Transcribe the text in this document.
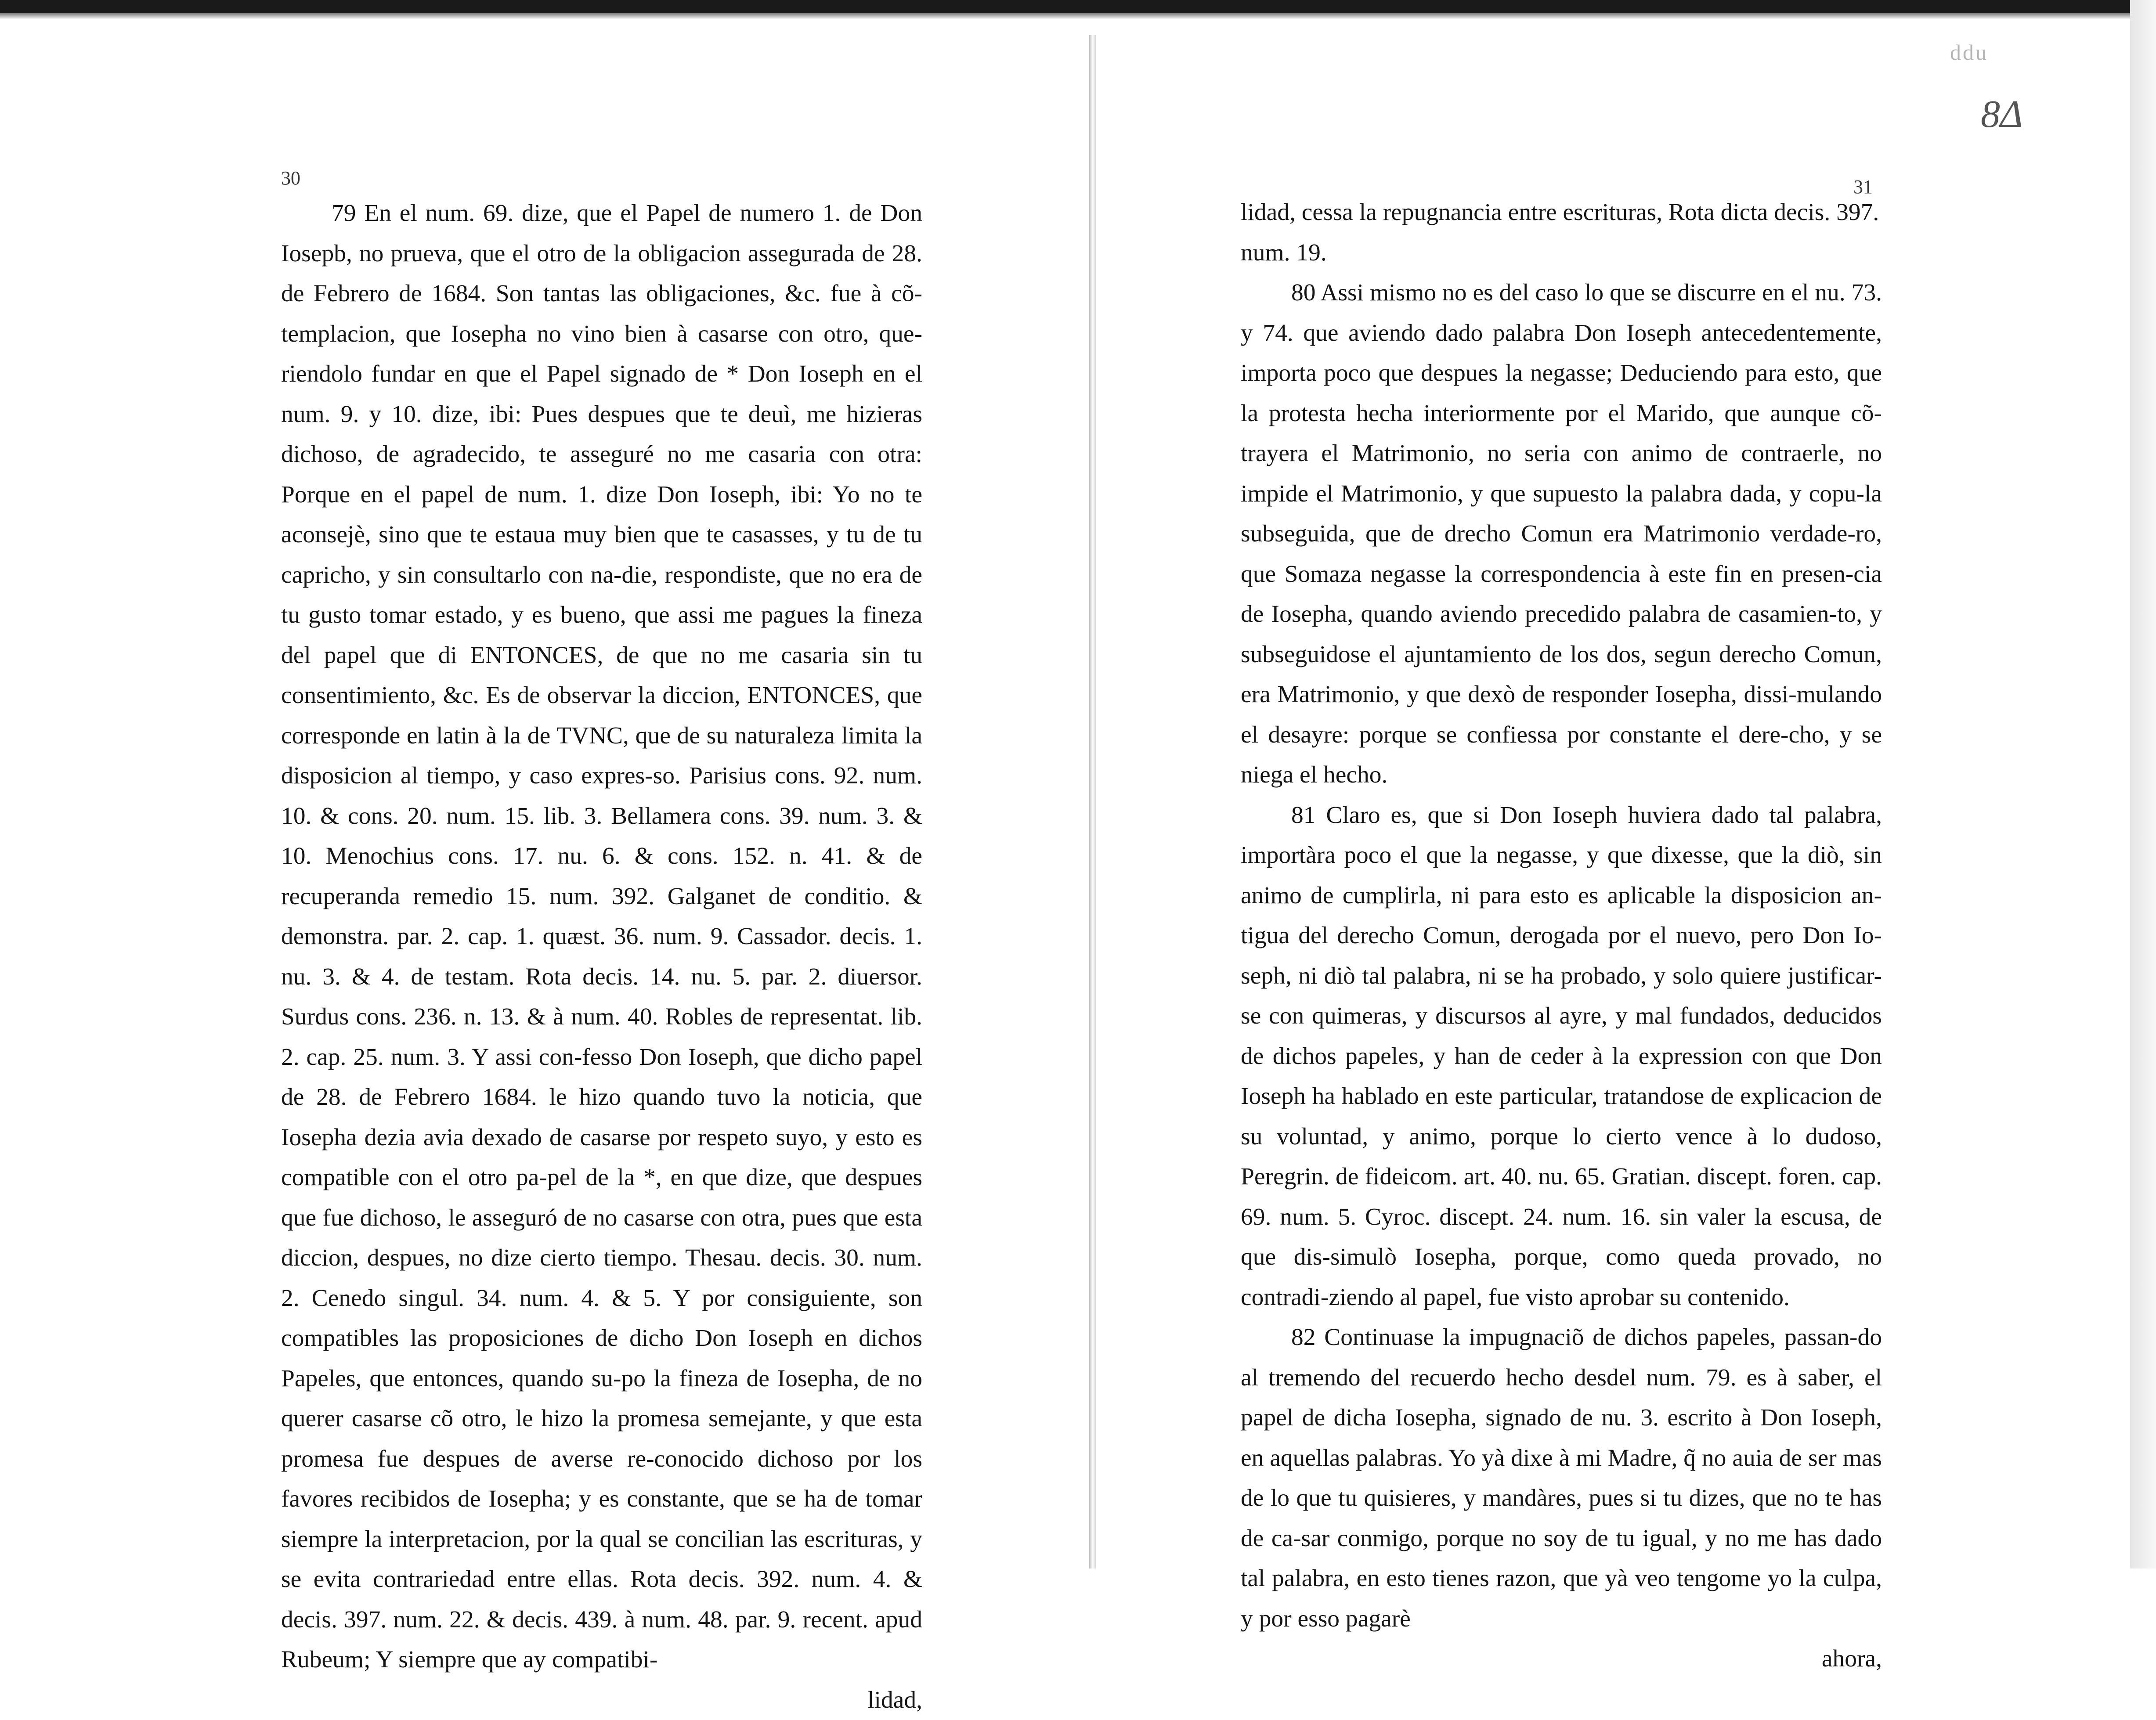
30	31
ddu
8Δ

79 En el num. 69. dize, que el Papel de numero 1. de Don Iosepb, no prueva, que el otro de la obligacion assegurada de 28. de Febrero de 1684. Son tantas las obligaciones, &c. fue à cõ-templacion, que Iosepha no vino bien à casarse con otro, que-riendolo fundar en que el Papel signado de * Don Ioseph en el num. 9. y 10. dize, ibi: Pues despues que te deuì, me hizieras dichoso, de agradecido, te asseguré no me casaria con otra: Porque en el papel de num. 1. dize Don Ioseph, ibi: Yo no te aconsejè, sino que te estaua muy bien que te casasses, y tu de tu capricho, y sin consultarlo con na-die, respondiste, que no era de tu gusto tomar estado, y es bueno, que assi me pagues la fineza del papel que di ENTONCES, de que no me casaria sin tu consentimiento, &c. Es de observar la diccion, ENTONCES, que corresponde en latin à la de TVNC, que de su naturaleza limita la disposicion al tiempo, y caso expres-so. Parisius cons. 92. num. 10. & cons. 20. num. 15. lib. 3. Bellamera cons. 39. num. 3. & 10. Menochius cons. 17. nu. 6. & cons. 152. n. 41. & de recuperanda remedio 15. num. 392. Galganet de conditio. & demonstra. par. 2. cap. 1. quæst. 36. num. 9. Cassador. decis. 1. nu. 3. & 4. de testam. Rota decis. 14. nu. 5. par. 2. diuersor. Surdus cons. 236. n. 13. & à num. 40. Robles de representat. lib. 2. cap. 25. num. 3. Y assi con-fesso Don Ioseph, que dicho papel de 28. de Febrero 1684. le hizo quando tuvo la noticia, que Iosepha dezia avia dexado de casarse por respeto suyo, y esto es compatible con el otro pa-pel de la *, en que dize, que despues que fue dichoso, le asseguró de no casarse con otra, pues que esta diccion, despues, no dize cierto tiempo. Thesau. decis. 30. num. 2. Cenedo singul. 34. num. 4. & 5. Y por consiguiente, son compatibles las proposiciones de dicho Don Ioseph en dichos Papeles, que entonces, quando su-po la fineza de Iosepha, de no querer casarse cõ otro, le hizo la promesa semejante, y que esta promesa fue despues de averse re-conocido dichoso por los favores recibidos de Iosepha; y es constante, que se ha de tomar siempre la interpretacion, por la qual se concilian las escrituras, y se evita contrariedad entre ellas. Rota decis. 392. num. 4. & decis. 397. num. 22. & decis. 439. à num. 48. par. 9. recent. apud Rubeum; Y siempre que ay compatibi-

lidad,

lidad, cessa la repugnancia entre escrituras, Rota dicta decis. 397. num. 19.

80 Assi mismo no es del caso lo que se discurre en el nu. 73. y 74. que aviendo dado palabra Don Ioseph antecedentemente, importa poco que despues la negasse; Deduciendo para esto, que la protesta hecha interiormente por el Marido, que aunque cõ-trayera el Matrimonio, no seria con animo de contraerle, no impide el Matrimonio, y que supuesto la palabra dada, y copu-la subseguida, que de drecho Comun era Matrimonio verdade-ro, que Somaza negasse la correspondencia à este fin en presen-cia de Iosepha, quando aviendo precedido palabra de casamien-to, y subseguidose el ajuntamiento de los dos, segun derecho Comun, era Matrimonio, y que dexò de responder Iosepha, dissi-mulando el desayre: porque se confiessa por constante el dere-cho, y se niega el hecho.

81 Claro es, que si Don Ioseph huviera dado tal palabra, importàra poco el que la negasse, y que dixesse, que la diò, sin animo de cumplirla, ni para esto es aplicable la disposicion an-tigua del derecho Comun, derogada por el nuevo, pero Don Io-seph, ni diò tal palabra, ni se ha probado, y solo quiere justificar-se con quimeras, y discursos al ayre, y mal fundados, deducidos de dichos papeles, y han de ceder à la expression con que Don Ioseph ha hablado en este particular, tratandose de explicacion de su voluntad, y animo, porque lo cierto vence à lo dudoso, Peregrin. de fideicom. art. 40. nu. 65. Gratian. discept. foren. cap. 69. num. 5. Cyroc. discept. 24. num. 16. sin valer la escusa, de que dis-simulò Iosepha, porque, como queda provado, no contradi-ziendo al papel, fue visto aprobar su contenido.

82 Continuase la impugnaciõ de dichos papeles, passan-do al tremendo del recuerdo hecho desdel num. 79. es à saber, el papel de dicha Iosepha, signado de nu. 3. escrito à Don Ioseph, en aquellas palabras. Yo yà dixe à mi Madre, q̃ no auia de ser mas de lo que tu quisieres, y mandàres, pues si tu dizes, que no te has de ca-sar conmigo, porque no soy de tu igual, y no me has dado tal palabra, en esto tienes razon, que yà veo tengome yo la culpa, y por esso pagarè

ahora,
